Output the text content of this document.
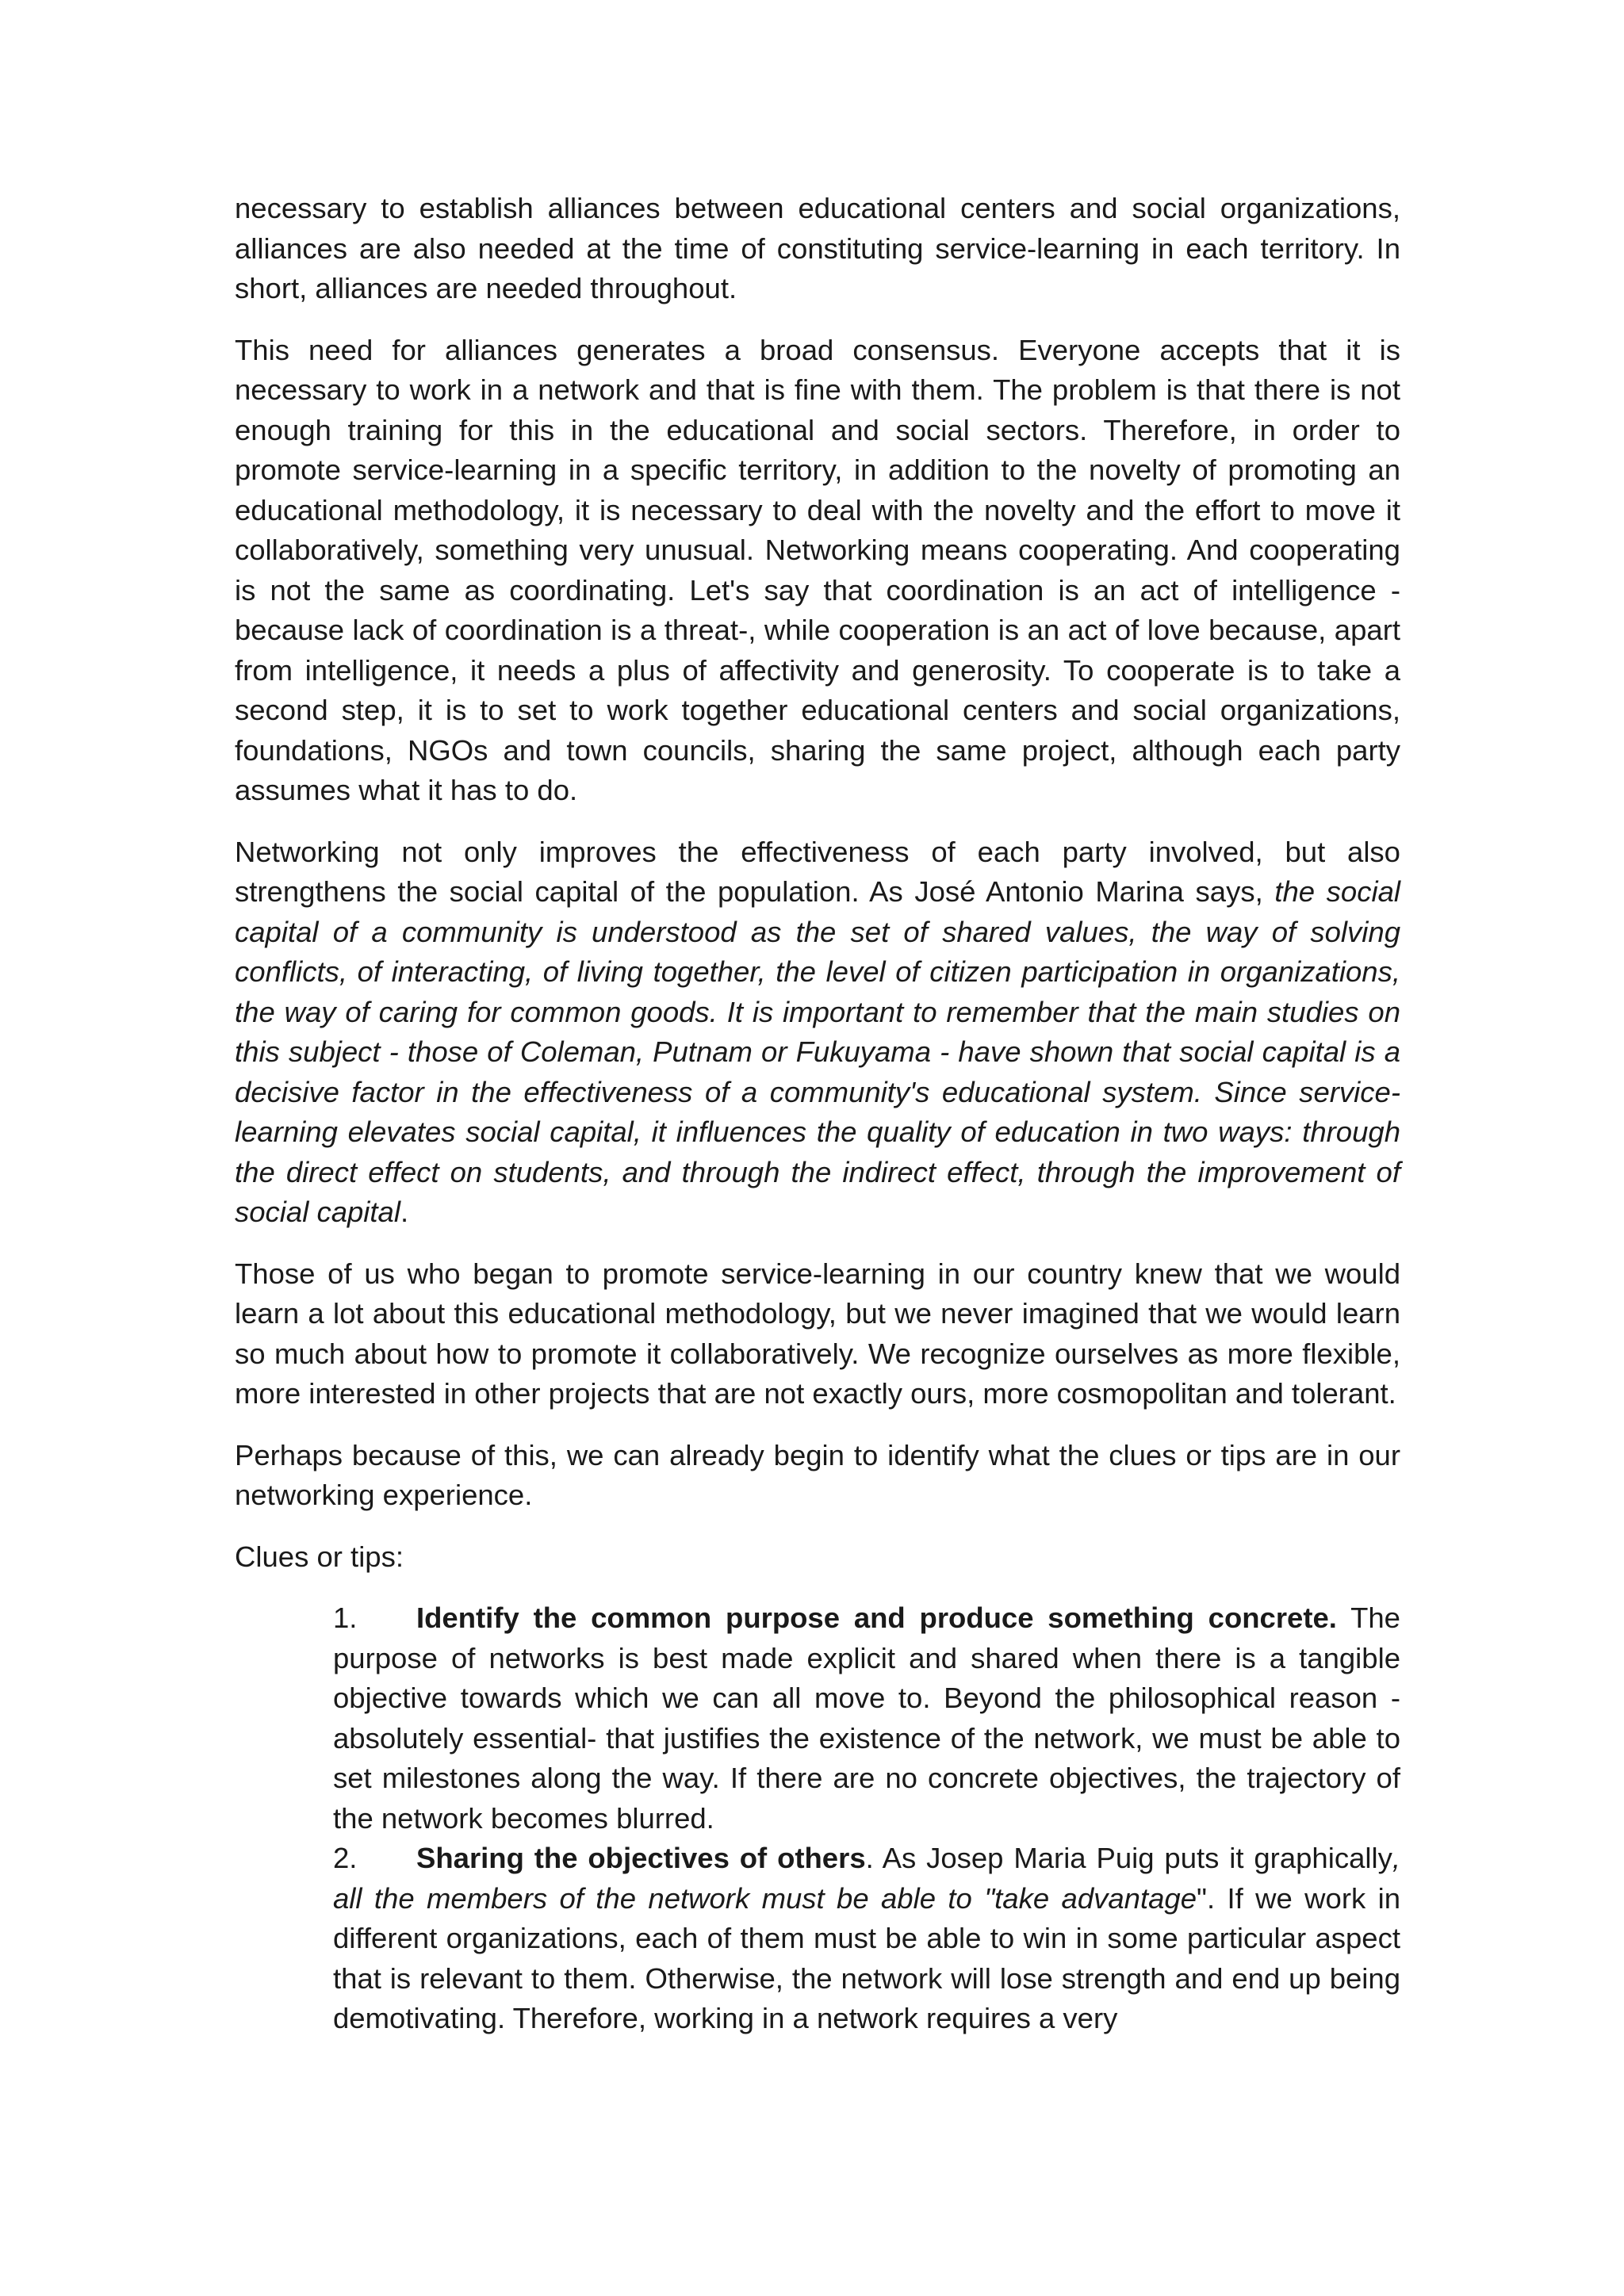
necessary to establish alliances between educational centers and social organizations, alliances are also needed at the time of constituting service-learning in each territory. In short, alliances are needed throughout.

This need for alliances generates a broad consensus. Everyone accepts that it is necessary to work in a network and that is fine with them. The problem is that there is not enough training for this in the educational and social sectors. Therefore, in order to promote service-learning in a specific territory, in addition to the novelty of promoting an educational methodology, it is necessary to deal with the novelty and the effort to move it collaboratively, something very unusual. Networking means cooperating. And cooperating is not the same as coordinating. Let's say that coordination is an act of intelligence -because lack of coordination is a threat-, while cooperation is an act of love because, apart from intelligence, it needs a plus of affectivity and generosity. To cooperate is to take a second step, it is to set to work together educational centers and social organizations, foundations, NGOs and town councils, sharing the same project, although each party assumes what it has to do.

Networking not only improves the effectiveness of each party involved, but also strengthens the social capital of the population. As José Antonio Marina says, the social capital of a community is understood as the set of shared values, the way of solving conflicts, of interacting, of living together, the level of citizen participation in organizations, the way of caring for common goods. It is important to remember that the main studies on this subject - those of Coleman, Putnam or Fukuyama - have shown that social capital is a decisive factor in the effectiveness of a community's educational system. Since service-learning elevates social capital, it influences the quality of education in two ways: through the direct effect on students, and through the indirect effect, through the improvement of social capital.

Those of us who began to promote service-learning in our country knew that we would learn a lot about this educational methodology, but we never imagined that we would learn so much about how to promote it collaboratively. We recognize ourselves as more flexible, more interested in other projects that are not exactly ours, more cosmopolitan and tolerant.

Perhaps because of this, we can already begin to identify what the clues or tips are in our networking experience.

Clues or tips:

1. Identify the common purpose and produce something concrete. The purpose of networks is best made explicit and shared when there is a tangible objective towards which we can all move to. Beyond the philosophical reason - absolutely essential- that justifies the existence of the network, we must be able to set milestones along the way. If there are no concrete objectives, the trajectory of the network becomes blurred.
2. Sharing the objectives of others. As Josep Maria Puig puts it graphically, all the members of the network must be able to "take advantage". If we work in different organizations, each of them must be able to win in some particular aspect that is relevant to them. Otherwise, the network will lose strength and end up being demotivating. Therefore, working in a network requires a very
